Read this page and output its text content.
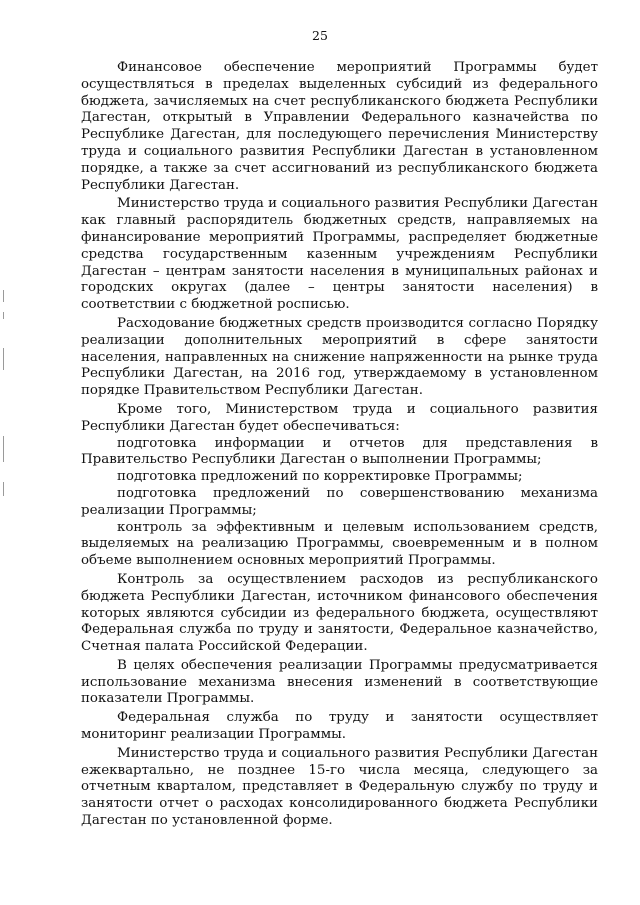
25

Финансовое обеспечение мероприятий Программы будет осуществляться в пределах выделенных субсидий из федерального бюджета, зачисляемых на счет республиканского бюджета Республики Дагестан, открытый в Управлении Федерального казначейства по Республике Дагестан, для последующего перечисления Министерству труда и социального развития Республики Дагестан в установленном порядке, а также за счет ассигнований из республиканского бюджета Республики Дагестан.

Министерство труда и социального развития Республики Дагестан как главный распорядитель бюджетных средств, направляемых на финансирование мероприятий Программы, распределяет бюджетные средства государственным казенным учреждениям Республики Дагестан – центрам занятости населения в муниципальных районах и городских округах (далее – центры занятости населения) в соответствии с бюджетной росписью.

Расходование бюджетных средств производится согласно Порядку реализации дополнительных мероприятий в сфере занятости населения, направленных на снижение напряженности на рынке труда Республики Дагестан, на 2016 год, утверждаемому в установленном порядке Правительством Республики Дагестан.

Кроме того, Министерством труда и социального развития Республики Дагестан будет обеспечиваться:

подготовка информации и отчетов для представления в Правительство Республики Дагестан о выполнении Программы;

подготовка предложений по корректировке Программы;

подготовка предложений по совершенствованию механизма реализации Программы;

контроль за эффективным и целевым использованием средств, выделяемых на реализацию Программы, своевременным и в полном объеме выполнением основных мероприятий Программы.

Контроль за осуществлением расходов из республиканского бюджета Республики Дагестан, источником финансового обеспечения которых являются субсидии из федерального бюджета, осуществляют Федеральная служба по труду и занятости, Федеральное казначейство, Счетная палата Российской Федерации.

В целях обеспечения реализации Программы предусматривается использование механизма внесения изменений в соответствующие показатели Программы.

Федеральная служба по труду и занятости осуществляет мониторинг реализации Программы.

Министерство труда и социального развития Республики Дагестан ежеквартально, не позднее 15-го числа месяца, следующего за отчетным кварталом, представляет в Федеральную службу по труду и занятости отчет о расходах консолидированного бюджета Республики Дагестан по установленной форме.
